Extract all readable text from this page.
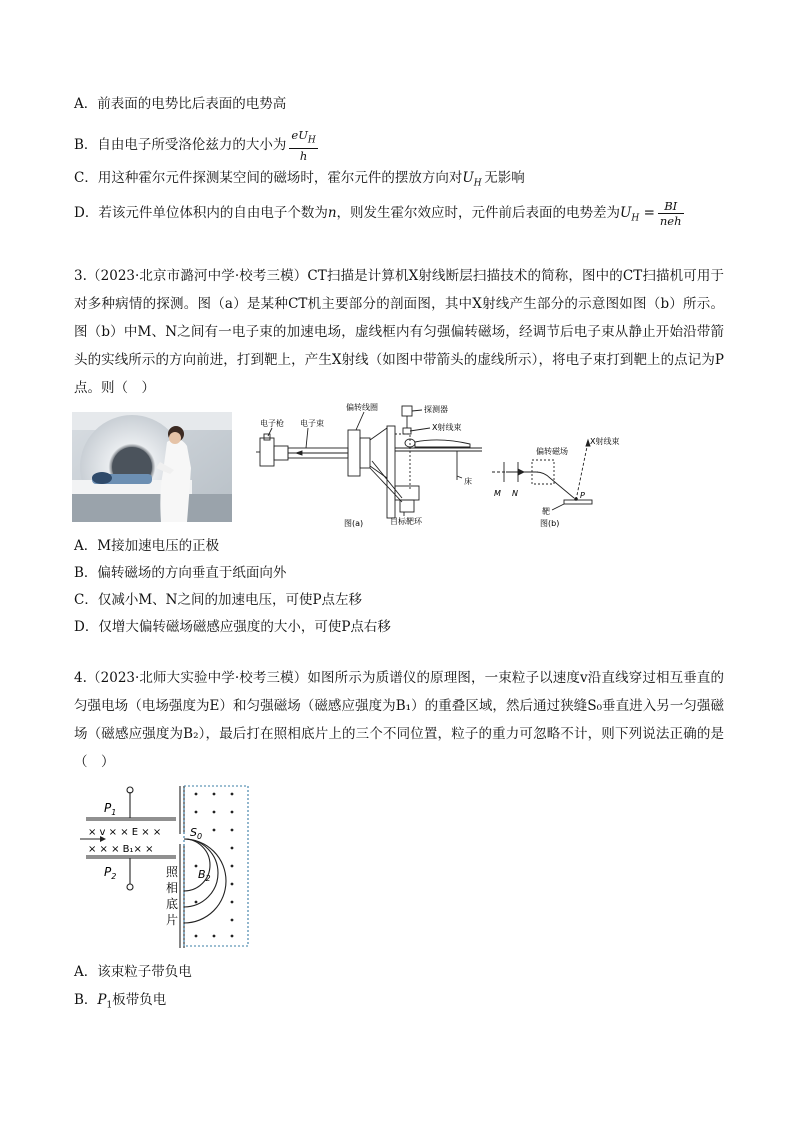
A．前表面的电势比后表面的电势高
B．自由电子所受洛伦兹力的大小为 $\frac{eU_H}{h}$
C．用这种霍尔元件探测某空间的磁场时，霍尔元件的摆放方向对$U_H$  无影响
D．若该元件单位体积内的自由电子个数为n，则发生霍尔效应时，元件前后表面的电势差为$U_H = \frac{BI}{\text{neh}}$
3.（2023·北京市潞河中学·校考三模）CT扫描是计算机X射线断层扫描技术的简称，图中的CT扫描机可用于对多种病情的探测。图（a）是某种CT机主要部分的剖面图，其中X射线产生部分的示意图如图（b）所示。图（b）中M、N之间有一电子束的加速电场，虚线框内有匀强偏转磁场，经调节后电子束从静止开始沿带箭头的实线所示的方向前进，打到靶上，产生X射线（如图中带箭头的虚线所示），将电子束打到靶上的点记为P点。则（　）
电子枪 电子束
偏转线圈	探测器
X射线束
床
目标靶环
图(a)
偏转磁场
X射线束
M N	P
靶
图(b)
A．M接加速电压的正极
B．偏转磁场的方向垂直于纸面向外
C．仅减小M、N之间的加速电压，可使P点左移
D．仅增大偏转磁场磁感应强度的大小，可使P点右移
4.（2023·北师大实验中学·校考三模）如图所示为质谱仪的原理图，一束粒子以速度v沿直线穿过相互垂直的匀强电场（电场强度为E）和匀强磁场（磁感应强度为B₁）的重叠区域，然后通过狭缝S₀垂直进入另一匀强磁场（磁感应强度为B₂），最后打在照相底片上的三个不同位置，粒子的重力可忽略不计，则下列说法正确的是（　）
$P_1$
× v × × E × ×
× × × B₁× ×
$P_2$
$S_0$
$B_2$
照
相
底
片
A．该束粒子带负电
B．$P_1$板带负电
